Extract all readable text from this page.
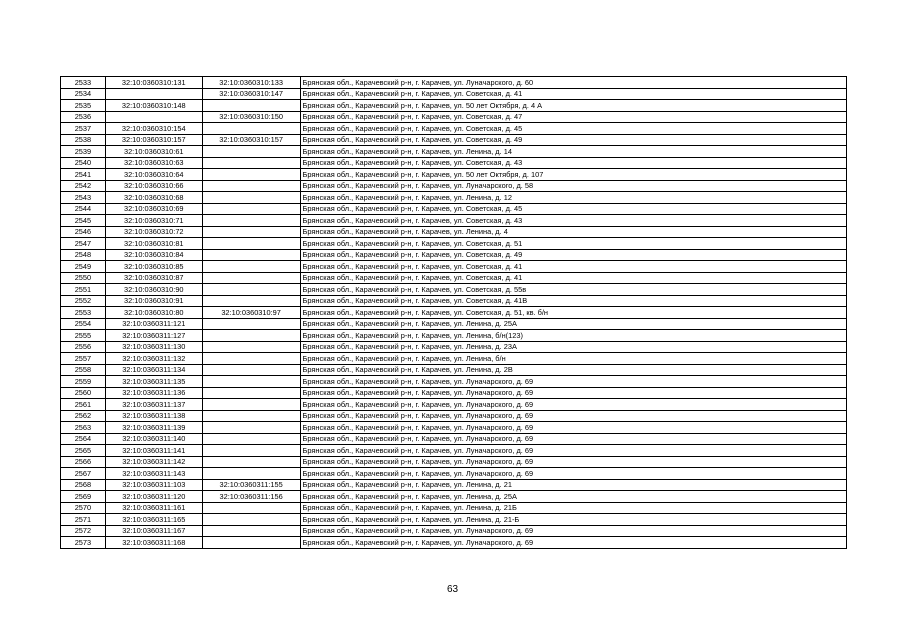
2533	32:10:0360310:131	32:10:0360310:133	Брянская обл., Карачевский р-н, г. Карачев, ул. Луначарского, д. 60
2534		32:10:0360310:147	Брянская обл., Карачевский р-н, г. Карачев, ул. Советская, д. 41
2535	32:10:0360310:148		Брянская обл., Карачевский р-н, г. Карачев, ул. 50 лет Октября, д. 4 А
2536		32:10:0360310:150	Брянская обл., Карачевский р-н, г. Карачев, ул. Советская, д. 47
2537	32:10:0360310:154		Брянская обл., Карачевский р-н, г. Карачев, ул. Советская, д. 45
2538	32:10:0360310:157	32:10:0360310:157	Брянская обл., Карачевский р-н, г. Карачев, ул. Советская, д. 49
2539	32:10:0360310:61		Брянская обл., Карачевский р-н, г. Карачев, ул. Ленина, д. 14
2540	32:10:0360310:63		Брянская обл., Карачевский р-н, г. Карачев, ул. Советская, д. 43
2541	32:10:0360310:64		Брянская обл., Карачевский р-н, г. Карачев, ул. 50 лет Октября, д. 107
2542	32:10:0360310:66		Брянская обл., Карачевский р-н, г. Карачев, ул. Луначарского, д. 58
2543	32:10:0360310:68		Брянская обл., Карачевский р-н, г. Карачев, ул. Ленина, д. 12
2544	32:10:0360310:69		Брянская обл., Карачевский р-н, г. Карачев, ул. Советская, д. 45
2545	32:10:0360310:71		Брянская обл., Карачевский р-н, г. Карачев, ул. Советская, д. 43
2546	32:10:0360310:72		Брянская обл., Карачевский р-н, г. Карачев, ул. Ленина, д. 4
2547	32:10:0360310:81		Брянская обл., Карачевский р-н, г. Карачев, ул. Советская, д. 51
2548	32:10:0360310:84		Брянская обл., Карачевский р-н, г. Карачев, ул. Советская, д. 49
2549	32:10:0360310:85		Брянская обл., Карачевский р-н, г. Карачев, ул. Советская, д. 41
2550	32:10:0360310:87		Брянская обл., Карачевский р-н, г. Карачев, ул. Советская, д. 41
2551	32:10:0360310:90		Брянская обл., Карачевский р-н, г. Карачев, ул. Советская, д. 55в
2552	32:10:0360310:91		Брянская обл., Карачевский р-н, г. Карачев, ул. Советская, д. 41В
2553	32:10:0360310:80	32:10:0360310:97	Брянская обл., Карачевский р-н, г. Карачев, ул. Советская, д. 51, кв. б/н
2554	32:10:0360311:121		Брянская обл., Карачевский р-н, г. Карачев, ул. Ленина, д. 25А
2555	32:10:0360311:127		Брянская обл., Карачевский р-н, г. Карачев, ул. Ленина, б/н(123)
2556	32:10:0360311:130		Брянская обл., Карачевский р-н, г. Карачев, ул. Ленина, д. 23А
2557	32:10:0360311:132		Брянская обл., Карачевский р-н, г. Карачев, ул. Ленина, б/н
2558	32:10:0360311:134		Брянская обл., Карачевский р-н, г. Карачев, ул. Ленина, д. 2В
2559	32:10:0360311:135		Брянская обл., Карачевский р-н, г. Карачев, ул. Луначарского, д. 69
2560	32:10:0360311:136		Брянская обл., Карачевский р-н, г. Карачев, ул. Луначарского, д. 69
2561	32:10:0360311:137		Брянская обл., Карачевский р-н, г. Карачев, ул. Луначарского, д. 69
2562	32:10:0360311:138		Брянская обл., Карачевский р-н, г. Карачев, ул. Луначарского, д. 69
2563	32:10:0360311:139		Брянская обл., Карачевский р-н, г. Карачев, ул. Луначарского, д. 69
2564	32:10:0360311:140		Брянская обл., Карачевский р-н, г. Карачев, ул. Луначарского, д. 69
2565	32:10:0360311:141		Брянская обл., Карачевский р-н, г. Карачев, ул. Луначарского, д. 69
2566	32:10:0360311:142		Брянская обл., Карачевский р-н, г. Карачев, ул. Луначарского, д. 69
2567	32:10:0360311:143		Брянская обл., Карачевский р-н, г. Карачев, ул. Луначарского, д. 69
2568	32:10:0360311:103	32:10:0360311:155	Брянская обл., Карачевский р-н, г. Карачев, ул. Ленина, д. 21
2569	32:10:0360311:120	32:10:0360311:156	Брянская обл., Карачевский р-н, г. Карачев, ул. Ленина, д. 25А
2570	32:10:0360311:161		Брянская обл., Карачевский р-н, г. Карачев, ул. Ленина, д. 21Б
2571	32:10:0360311:165		Брянская обл., Карачевский р-н, г. Карачев, ул. Ленина, д. 21-Б
2572	32:10:0360311:167		Брянская обл., Карачевский р-н, г. Карачев, ул. Луначарского, д. 69
2573	32:10:0360311:168		Брянская обл., Карачевский р-н, г. Карачев, ул. Луначарского, д. 69
63
